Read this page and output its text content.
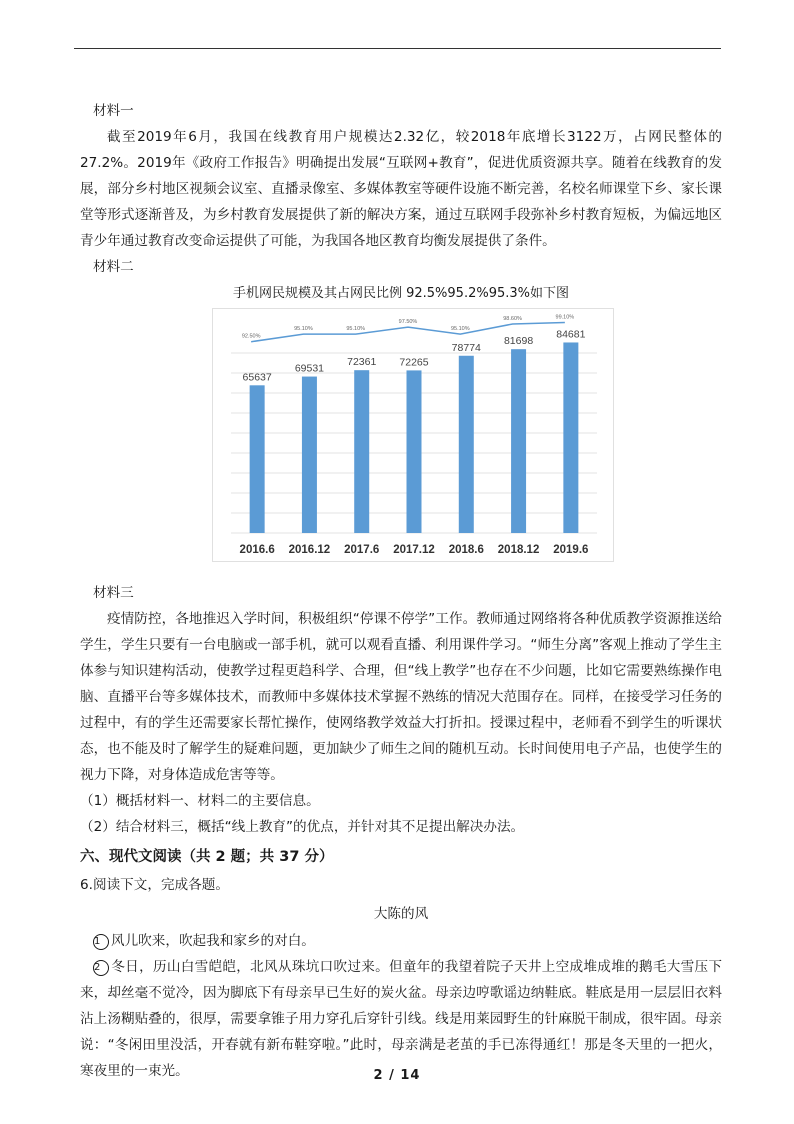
材料一

截至2019年6月，我国在线教育用户规模达2.32亿，较2018年底增长3122万，占网民整体的27.2%。2019年《政府工作报告》明确提出发展“互联网+教育”，促进优质资源共享。随着在线教育的发展，部分乡村地区视频会议室、直播录像室、多媒体教室等硬件设施不断完善，名校名师课堂下乡、家长课堂等形式逐渐普及，为乡村教育发展提供了新的解决方案，通过互联网手段弥补乡村教育短板，为偏远地区青少年通过教育改变命运提供了可能，为我国各地区教育均衡发展提供了条件。

材料二

手机网民规模及其占网民比例 92.5%95.2%95.3%如下图
65637
2016.6
69531
2016.12
72361
2017.6
72265
2017.12
78774
2018.6
81698
2018.12
84681
2019.6
92.50%
95.10%	95.10%
97.50%
95.10%
98.60%	99.10%

材料三

疫情防控，各地推迟入学时间，积极组织“停课不停学”工作。教师通过网络将各种优质教学资源推送给学生，学生只要有一台电脑或一部手机，就可以观看直播、利用课件学习。“师生分离”客观上推动了学生主体参与知识建构活动，使教学过程更趋科学、合理，但“线上教学”也存在不少问题，比如它需要熟练操作电脑、直播平台等多媒体技术，而教师中多媒体技术掌握不熟练的情况大范围存在。同样，在接受学习任务的过程中，有的学生还需要家长帮忙操作，使网络教学效益大打折扣。授课过程中，老师看不到学生的听课状态，也不能及时了解学生的疑难问题，更加缺少了师生之间的随机互动。长时间使用电子产品，也使学生的视力下降，对身体造成危害等等。

（1）概括材料一、材料二的主要信息。

（2）结合材料三，概括“线上教育”的优点，并针对其不足提出解决办法。

六、现代文阅读（共 2 题；共 37 分）

6.阅读下文，完成各题。

大陈的风

1 风儿吹来，吹起我和家乡的对白。

2 冬日，历山白雪皑皑，北风从珠坑口吹过来。但童年的我望着院子天井上空成堆成堆的鹅毛大雪压下来，却丝毫不觉冷，因为脚底下有母亲早已生好的炭火盆。母亲边哼歌谣边纳鞋底。鞋底是用一层层旧衣料沾上汤糊贴叠的，很厚，需要拿锥子用力穿孔后穿针引线。线是用莱园野生的针麻脱干制成，很牢固。母亲说：“冬闲田里没活，开春就有新布鞋穿啦。”此时，母亲满是老茧的手已冻得通红！那是冬天里的一把火，寒夜里的一束光。	2 / 14
